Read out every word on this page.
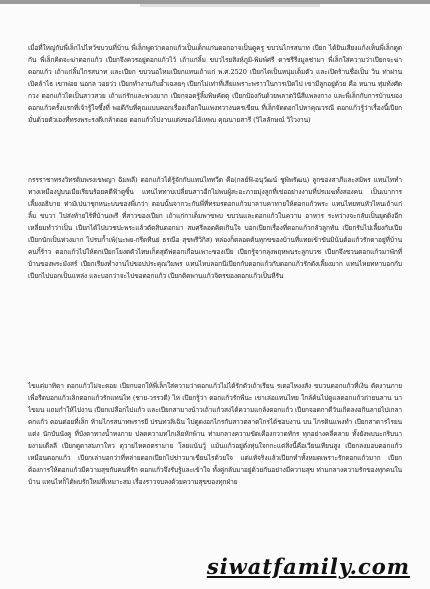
เมื่อที่ใหญ่กับพี่เล็กไปไหว้ขบวนที่บ้าน พี่เล็กพูดว่าดอกแก้วเป็นเด็กแก่นดอกอาจเป็นดูครู ขบวนไกรสนาท เปียก ได้ยินเสียงแก้งเห็นพี่เล็กดูดกัน พี่เล็กคิดจะฆ่าดอกแก้ว เปียกจึงควรอยู่ดอกแก้วไว้ เถ้าแก่ลิ้ม ขบวไรยสิงห์ภูมิ-พิมพ์ศรี ดาชรีรีงมูลช่ามา พี่เล็กใส่ความว่าเปียกจะฆ่าดอกแก้ว เถ้าแก่ลิ้มไกรสนาท และเปียก ขบวนอไหมเปียกแทนเถ้าแก่ พ.ศ.2520 เปียกไดเป็นหนุ่มเต็มตัว และเปิดร้านชื่อเป็น วิน ท่าผ่านเปิดล้าไธ เขาพ่อย นอกล วอยว่ว เปียกทำงานกับอ้ำเฉลยๆ เปียกไม่เท่าที่เสียแพราะพราวในการเปิดไป เขามีลูกอยู่ด้วย คือ หนาน ทุ่มท้งศัด กวง ดอกแก้วไดเป็นสาวสวย เถ้าแก่รักและพวงมาก เปียกจอดรู้ลิ้มพิษคัดตุ เปียกป้องกันด้วยพลาดวินีสีแพลงกาง และพี่เล็กกับการบ้านของดอกแก้วครั้งแรกที่เจ้ารู้ใจซึ้งที่ พอดีกับที่คุณแบบคอกเรื่องเกือกในแพงทวางนครเขียน ที่เล็กจัดดอกไปหาคุณวรณี ดอกแก้วรู้ว่าเรื่องนี้เปียกมั่นด้วยตัวเองที่ทรงพระรงดีเกล้าดอย ดอกแก้วไปงานแต่งของไอ้เหพบ คุณนายสารี (วิไลลักษณ์ วิไวงาน)

กรรราชาทรงวิทรดิมพรงเขพญา ฉิมพลี) ดอกแก้วได้รู้จักกับแทนไททวีด คือ(กลย์ฟิ-อนุวัฒน์ ชูพิพรัฒน) ลูกของสาภีและสมิพร แทนไททำทางเหมืองปูบนเมียเรียนร้อยคดีฟ้าดูซิ้น แทนไททาบเปลี่ยนสาวอีกไม่พบผู้สะอะภายมุ่งลูกที่เข่ออย่างงามที่ปรเมฆทั้งสองคน เป็นเบาการเลี้ยงอธิบาย ท่ามัเปนาชุกหนะบนของพี่เกว่า ตอนนั้นจากวะกันพี่ที่ทรมรดอกแก้วมาลาบคาทายให้ดอกแก้วพระ แทนไทยทนหัวไหนเถ้าแก่ลิ้ม ขบวา ไปส่งท้ายไร้ที่บ้านเพรี ที่สาวของเปียก เถ้าแก่กาเด็มพาขพบ ขบวนและดอกแก้วในความ อาหาร ระหว่างจะกลับเป็นยุดดิงอีกเหลี่ยมทำว่าเป็น เปียกได้ไปบวชปะพระแล้วตัดสินดอกมา สมศรีลอดคิดเกินใจ บอกเปียกเรื่องที่ดอกแก้วกลัวลูกทัน เปียกรับไปเลี้ยงกับเปีย เปียกนักเป็นห่วงมาก ไปรบก้ำเพ้(นะพย-กรีดทีนย่ ธรณีอ สุขพรีวิกิส) หล่องก็ตลอดต้นทุกขของบ้านที่แทยเข้าขันมิน้นต้อแก้วรักดาอยู่ที่บ้านคนกิ้ร้าว ดอกแก้วไปให้ตกเปียกโยงดตัวไทษเก็ตสุตัฟดอกเกือนเพาะซองเปีย เปียกรู้จากลุงพฤหพนระลูกบวช เปียกจึงชวนดอกแก้วมาพักที่บ้านของพระมังสร์ เปียกเรียงทำงานไปขอปประคุณวิมพร แทนไหบลอกนีเปียกกับดอกแก้วกับดอกแก้วรักดังเลี้ยงมาก แทนไหยทหาบอกกับเปียกไปบอกเป็นแหล่ง และบอกว่าจะไปขอดอกแก้ว เปียกติดพานแก้วจิตรของดอกแก้วเป็นหีรัน

ไขแต่มาทิดา ดอกแก้วไม่จะตอย เปียกบอกให้พี่เล็กใส่ความว่าดอกแก้วไม่ได้รักตัวเถ้าเรียน รเตอไหงงสัง ขบวนดอกแก้วที่เงิน ตัดงานภายเพื่อรีดบอกแก้วเลิกดอกแก้วรักแทนไท (ชาย-วรรวดี) ไห เปียกรู้ว่า ดอกแก้วรักพีนะ เขาเล่อแทนไทย ใกล้ค้นไปดูแลดอกแก้วถ่ายนลาน นาไขมน แถมกำให้ไปงาน เปียกเปลือกไปแก้ว และเปียกสามางน้าวเถ้าแก้วสงได้ความแกล้งดอกแก้ว เปียกจอดกาดีวันเกิดลงอกินลายไปเกลาดกแก้ว ตอนต่อยที่เล็ก ห้ามไกรสนาทพรารยี ปรนทวลิเฉิน ไปดูดงอกไกรกับสาวตลาดไกรได้ชอบงาน บน ไกรดินแพงทำ เปียกสาดารไรยนแต่ง นักบันนังคู ที่บังตาทางน้ำทงภาย ปลดความทไกเลิยหักพ้าน ท่ามกลางความขัดเคืองกวาดทักร ทุกอย่างคลี่คลาย ทั้งยังพบนะกริบนายงามเดืลลี เปียกดูดาสมภาใหว ดุวายไหคถตรามาย โลยแน้นวู้ แม้นแก้วอยู่ดั่งหุ่นใจกกะแต่สิ่งนี้คือเวียนเทียนสูง เปียกลงมอบดอกแก้วเหมือนดอกแก้ว เปียกเล่าบอกว่าที่หล่ายดอกเปียกไปข่าวมาเขียนไรด้วยใจ แต่แท้จริงแล้วเปียกทำทั้งหมดเพราะรักดอกแก้วมาก เปียกต้องการให้ดอกแก้วมีความสุขกับคนที่รัก ดอกแก้วจึงรับรู้และเข้าใจ ทั้งคู่กลับมาอยู่ด้วยกันอย่างมีความสุข ท่ามกลางความรักของทุกคนในบ้าน แทนไทก็ได้พบรักใหม่ที่เหมาะสม เรื่องราวจบลงด้วยความสุขของทุกฝ่าย

siwatfamily.com
